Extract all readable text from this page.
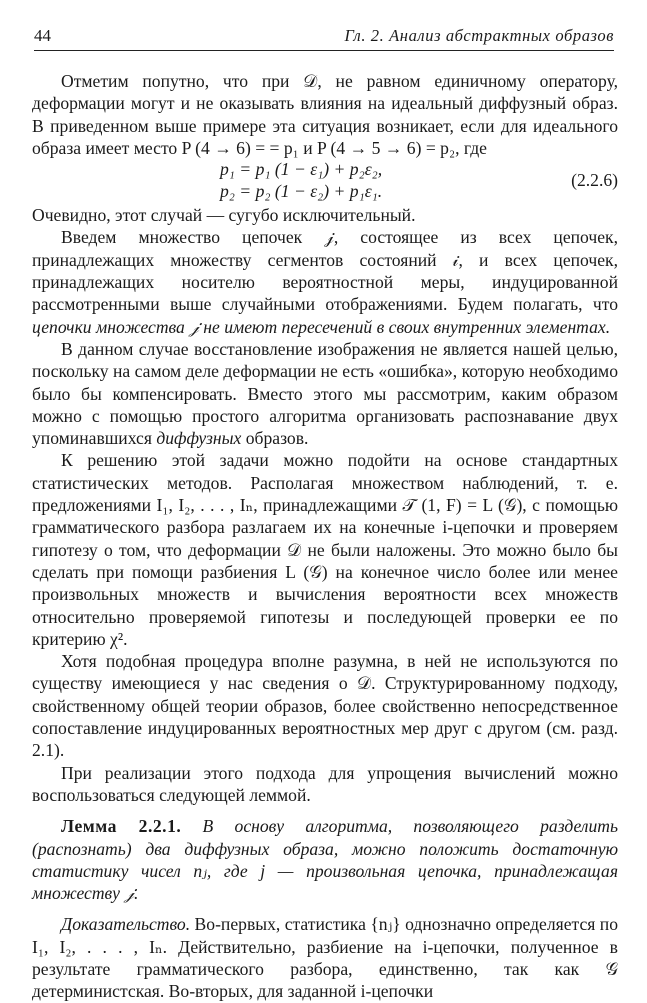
44	Гл. 2. Анализ абстрактных образов

Отметим попутно, что при 𝒟, не равном единичному оператору, деформации могут и не оказывать влияния на идеальный диффузный образ. В приведенном выше примере эта ситуация возникает, если для идеального образа имеет место P (4 → 6) = = p₁ и P (4 → 5 → 6) = p₂, где

p₁ = p₁ (1 − ε₁) + p₂ε₂,
p₂ = p₂ (1 − ε₂) + p₁ε₁.
(2.2.6)

Очевидно, этот случай — сугубо исключительный.

Введем множество цепочек 𝒿, состоящее из всех цепочек, принадлежащих множеству сегментов состояний 𝒾, и всех цепочек, принадлежащих носителю вероятностной меры, индуцированной рассмотренными выше случайными отображениями. Будем полагать, что цепочки множества 𝒿 не имеют пересечений в своих внутренних элементах.

В данном случае восстановление изображения не является нашей целью, поскольку на самом деле деформации не есть «ошибка», которую необходимо было бы компенсировать. Вместо этого мы рассмотрим, каким образом можно с помощью простого алгоритма организовать распознавание двух упоминавшихся диффузных образов.

К решению этой задачи можно подойти на основе стандартных статистических методов. Располагая множеством наблюдений, т. е. предложениями I₁, I₂, . . . , Iₙ, принадлежащими 𝒯 (1, F) = L (𝒢), с помощью грамматического разбора разлагаем их на конечные i-цепочки и проверяем гипотезу о том, что деформации 𝒟 не были наложены. Это можно было бы сделать при помощи разбиения L (𝒢) на конечное число более или менее произвольных множеств и вычисления вероятности всех множеств относительно проверяемой гипотезы и последующей проверки ее по критерию χ².

Хотя подобная процедура вполне разумна, в ней не используются по существу имеющиеся у нас сведения о 𝒟. Структурированному подходу, свойственному общей теории образов, более свойственно непосредственное сопоставление индуцированных вероятностных мер друг с другом (см. разд. 2.1).

При реализации этого подхода для упрощения вычислений можно воспользоваться следующей леммой.

Лемма 2.2.1. В основу алгоритма, позволяющего разделить (распознать) два диффузных образа, можно положить достаточную статистику чисел nⱼ, где j — произвольная цепочка, принадлежащая множеству 𝒿.

Доказательство. Во-первых, статистика {nⱼ} однозначно определяется по I₁, I₂, . . . , Iₙ. Действительно, разбиение на i-цепочки, полученное в результате грамматического разбора, единственно, так как 𝒢 детерминистская. Во-вторых, для заданной i-цепочки
